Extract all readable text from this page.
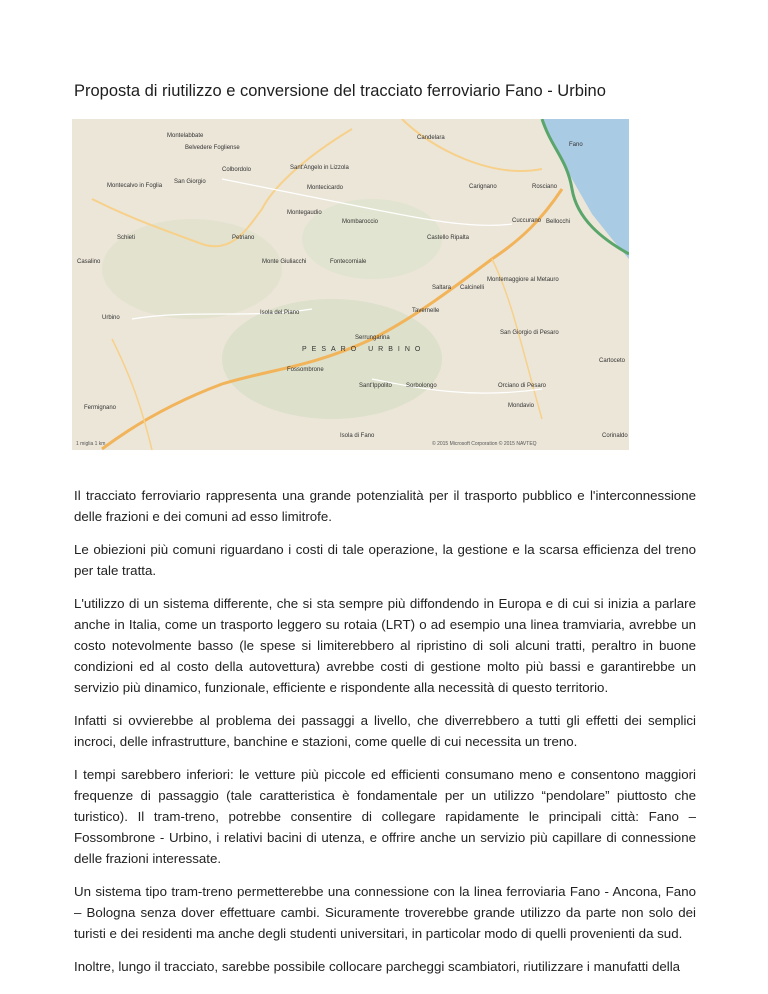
Proposta di riutilizzo e conversione del tracciato ferroviario Fano - Urbino
PESARO URBINO
Montelabbate	Candelara
Fano
Belvedere Fogliense
Colbordolo	Sant'Angelo in Lizzola
Montecalvo in Foglia
San Giorgio
Montecicardo	Carignano	Rosciano
Montegaudio
Mombaroccio	Cuccurano Bellocchi
Schieti	Petriano	Castello Ripalta
Casalino	Monte Giuliacchi	Fontecorniale
Saltara Calcinelli
Montemaggiore al Metauro
Isola del Piano	Tavernelle
Urbino
San Giorgio di Pesaro
Serrungarina
Fossombrone
Cartoceto
Sant'Ippolito Sorbolongo	Orciano di Pesaro
Mondavio
Fermignano
Isola di Fano	Corinaldo
© 2015 Microsoft Corporation © 2015 NAVTEQ
1 miglia 1 km

Il tracciato ferroviario rappresenta una grande potenzialità per il trasporto pubblico e l'interconnessione delle frazioni e dei comuni ad esso limitrofe.

Le obiezioni più comuni riguardano i costi di tale operazione, la gestione e la scarsa efficienza del treno per tale tratta.

L'utilizzo di un sistema differente, che si sta sempre più diffondendo in Europa e di cui si inizia a parlare anche in Italia, come un trasporto leggero su rotaia (LRT) o ad esempio una linea tramviaria, avrebbe un costo notevolmente basso (le spese si limiterebbero al ripristino di soli alcuni tratti, peraltro in buone condizioni ed al costo della autovettura) avrebbe costi di gestione molto più bassi e garantirebbe un servizio più dinamico, funzionale, efficiente e rispondente alla necessità di questo territorio.

Infatti si ovvierebbe al problema dei passaggi a livello, che diverrebbero a tutti gli effetti dei semplici incroci, delle infrastrutture, banchine e stazioni, come quelle di cui necessita un treno.

I tempi sarebbero inferiori: le vetture più piccole ed efficienti consumano meno e consentono maggiori frequenze di passaggio (tale caratteristica è fondamentale per un utilizzo “pendolare” piuttosto che turistico). Il tram-treno, potrebbe consentire di collegare rapidamente le principali città: Fano – Fossombrone - Urbino, i relativi bacini di utenza, e offrire anche un servizio più capillare di connessione delle frazioni interessate.

Un sistema tipo tram-treno permetterebbe una connessione con la linea ferroviaria Fano - Ancona, Fano – Bologna senza dover effettuare cambi. Sicuramente troverebbe grande utilizzo da parte non solo dei turisti e dei residenti ma anche degli studenti universitari, in particolar modo di quelli provenienti da sud.

Inoltre, lungo il tracciato, sarebbe possibile collocare parcheggi scambiatori, riutilizzare i manufatti della
